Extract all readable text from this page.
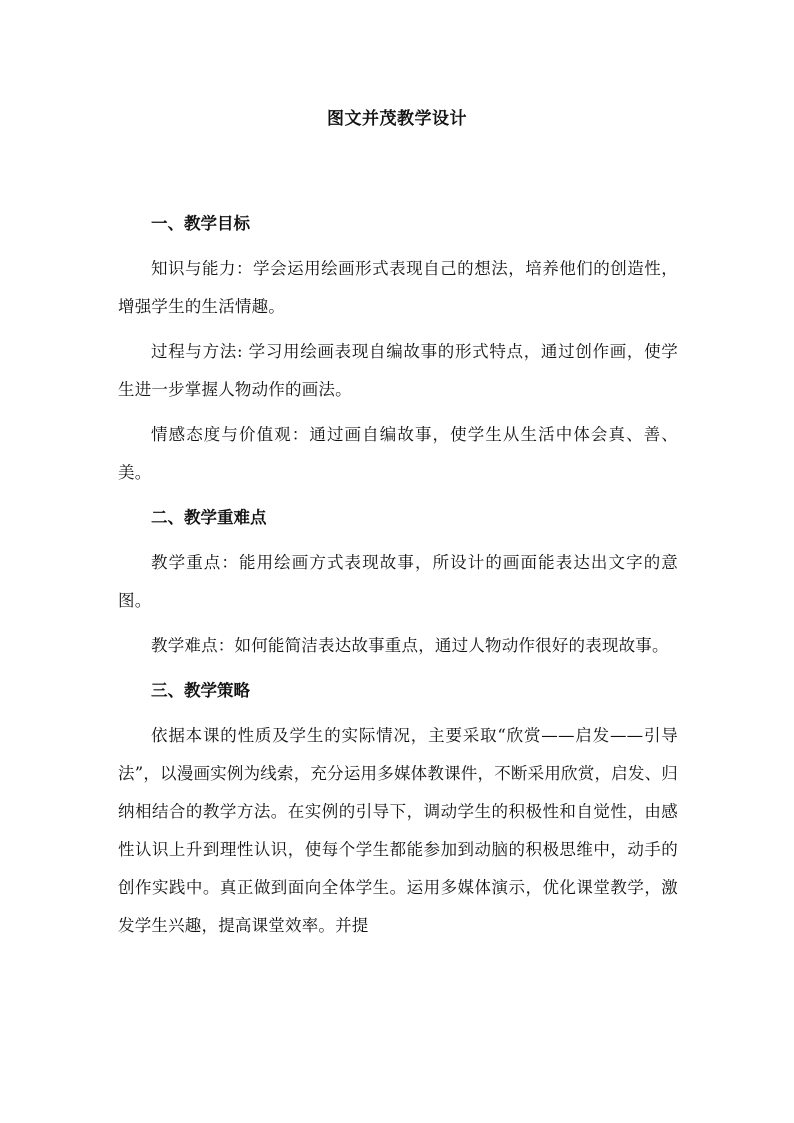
图文并茂教学设计

一、教学目标

知识与能力：学会运用绘画形式表现自己的想法，培养他们的创造性，增强学生的生活情趣。

过程与方法: 学习用绘画表现自编故事的形式特点，通过创作画，使学生进一步掌握人物动作的画法。

情感态度与价值观：通过画自编故事，使学生从生活中体会真、善、美。

二、教学重难点

教学重点：能用绘画方式表现故事，所设计的画面能表达出文字的意图。

教学难点：如何能简洁表达故事重点，通过人物动作很好的表现故事。

三、教学策略

依据本课的性质及学生的实际情况，主要采取“欣赏——启发——引导法”，以漫画实例为线索，充分运用多媒体教课件，不断采用欣赏，启发、归纳相结合的教学方法。在实例的引导下，调动学生的积极性和自觉性，由感性认识上升到理性认识，使每个学生都能参加到动脑的积极思维中，动手的创作实践中。真正做到面向全体学生。运用多媒体演示，优化课堂教学，激发学生兴趣，提高课堂效率。并提
